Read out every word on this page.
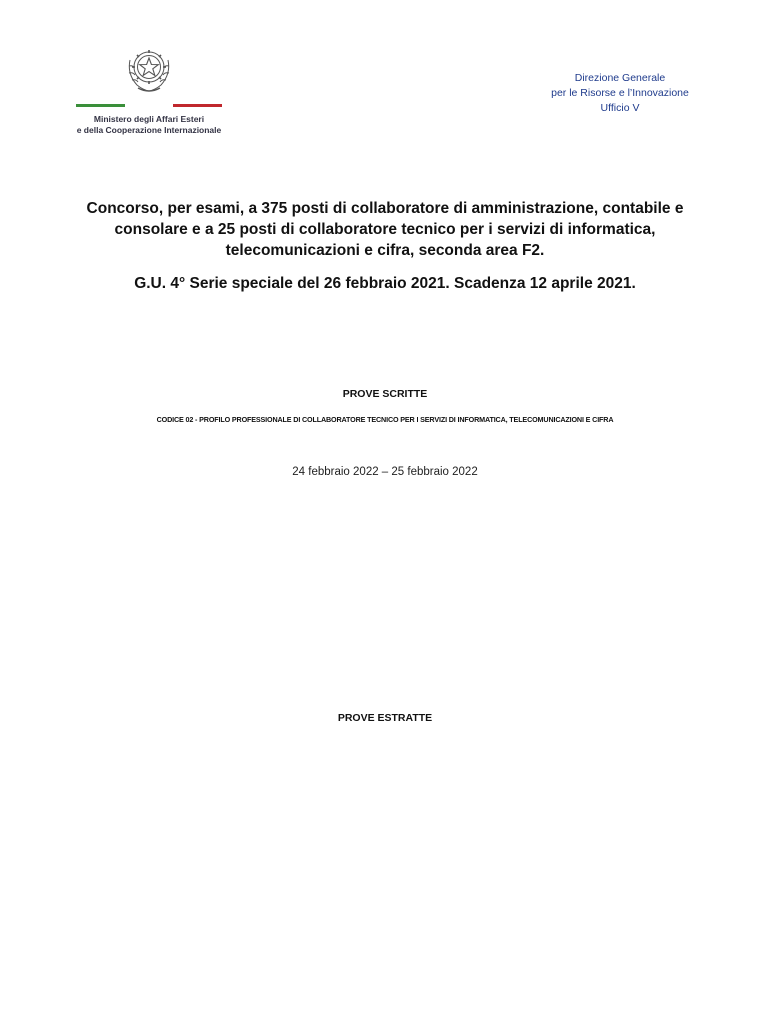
Ministero degli Affari Esteri
e della Cooperazione Internazionale
Direzione Generale
per le Risorse e l’Innovazione
Ufficio V
Concorso, per esami, a 375 posti di collaboratore di amministrazione, contabile e consolare e a 25 posti di collaboratore tecnico per i servizi di informatica, telecomunicazioni e cifra, seconda area F2.
G.U. 4° Serie speciale del 26 febbraio 2021. Scadenza 12 aprile 2021.
PROVE SCRITTE
CODICE 02 - PROFILO PROFESSIONALE DI COLLABORATORE TECNICO PER I SERVIZI DI INFORMATICA, TELECOMUNICAZIONI E CIFRA
24 febbraio 2022 – 25 febbraio 2022
PROVE ESTRATTE
